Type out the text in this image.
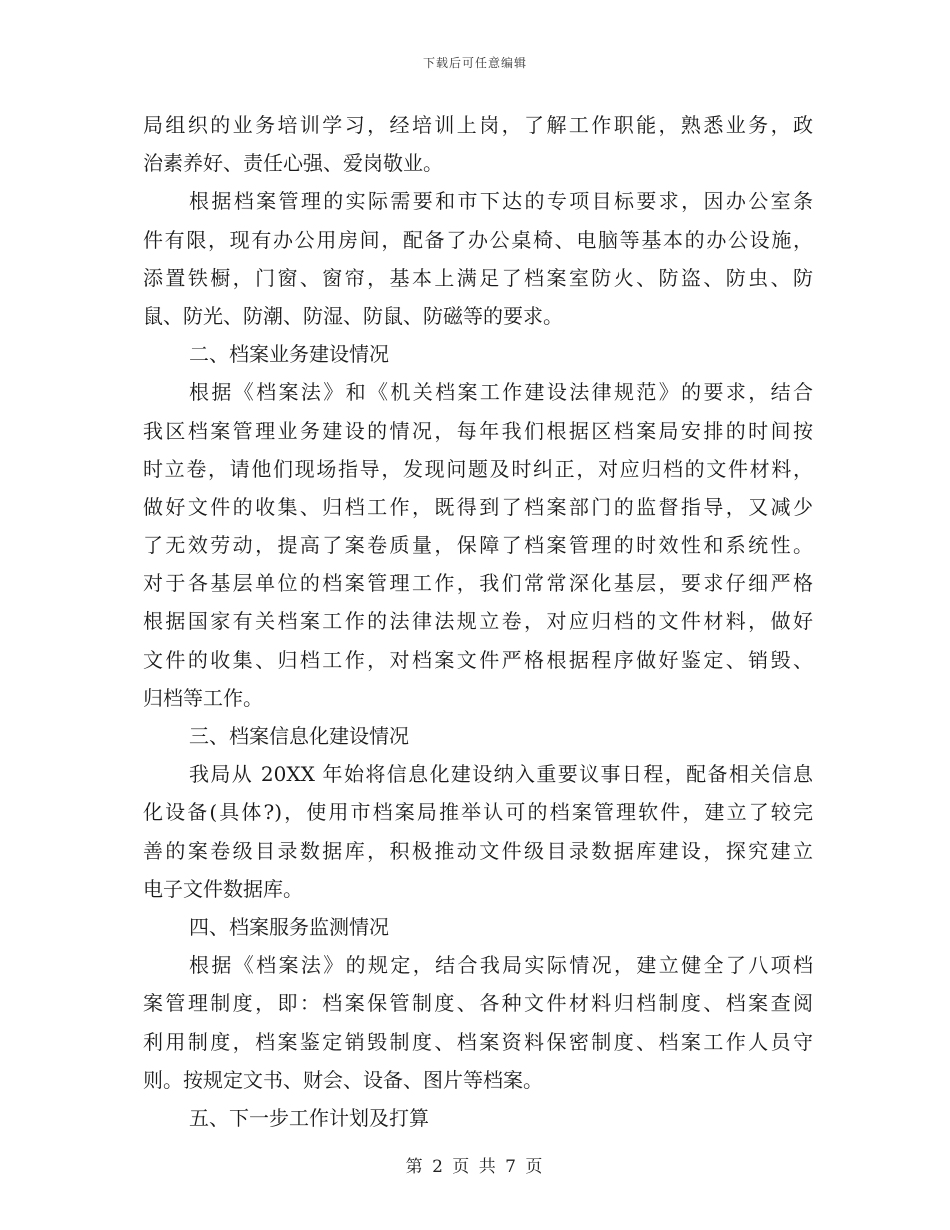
下载后可任意编辑
局组织的业务培训学习，经培训上岗，了解工作职能，熟悉业务，政
治素养好、责任心强、爱岗敬业。
根据档案管理的实际需要和市下达的专项目标要求，因办公室条
件有限，现有办公用房间，配备了办公桌椅、电脑等基本的办公设施，
添置铁橱，门窗、窗帘，基本上满足了档案室防火、防盗、防虫、防
鼠、防光、防潮、防湿、防鼠、防磁等的要求。
二、档案业务建设情况
根据《档案法》和《机关档案工作建设法律规范》的要求，结合
我区档案管理业务建设的情况，每年我们根据区档案局安排的时间按
时立卷，请他们现场指导，发现问题及时纠正，对应归档的文件材料，
做好文件的收集、归档工作，既得到了档案部门的监督指导，又减少
了无效劳动，提高了案卷质量，保障了档案管理的时效性和系统性。
对于各基层单位的档案管理工作，我们常常深化基层，要求仔细严格
根据国家有关档案工作的法律法规立卷，对应归档的文件材料，做好
文件的收集、归档工作，对档案文件严格根据程序做好鉴定、销毁、
归档等工作。
三、档案信息化建设情况
我局从 20XX 年始将信息化建设纳入重要议事日程，配备相关信息
化设备(具体?)，使用市档案局推举认可的档案管理软件，建立了较完
善的案卷级目录数据库，积极推动文件级目录数据库建设，探究建立
电子文件数据库。
四、档案服务监测情况
根据《档案法》的规定，结合我局实际情况，建立健全了八项档
案管理制度，即：档案保管制度、各种文件材料归档制度、档案查阅
利用制度，档案鉴定销毁制度、档案资料保密制度、档案工作人员守
则。按规定文书、财会、设备、图片等档案。
五、下一步工作计划及打算
第 2 页 共 7 页
